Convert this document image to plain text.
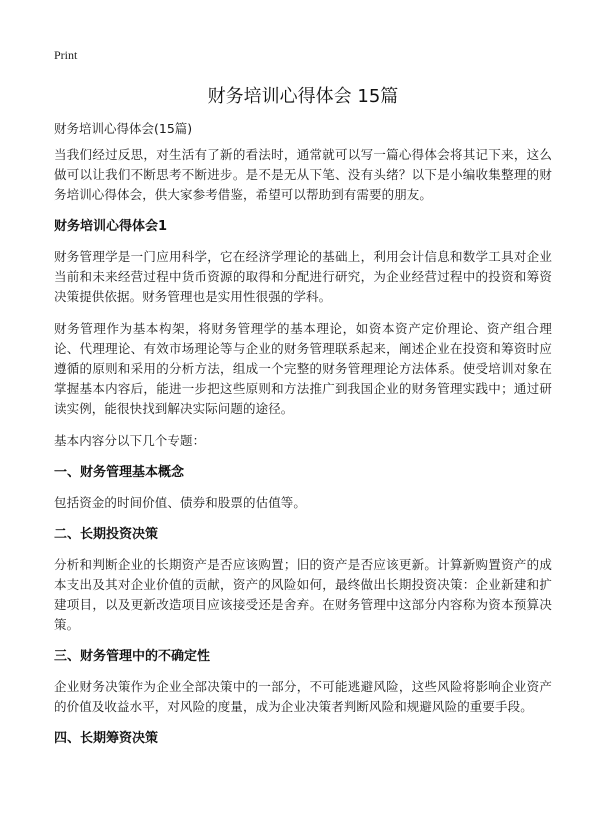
Print
财务培训心得体会 15篇
财务培训心得体会(15篇)

当我们经过反思，对生活有了新的看法时，通常就可以写一篇心得体会将其记下来，这么做可以让我们不断思考不断进步。是不是无从下笔、没有头绪？以下是小编收集整理的财务培训心得体会，供大家参考借鉴，希望可以帮助到有需要的朋友。

财务培训心得体会1

财务管理学是一门应用科学，它在经济学理论的基础上，利用会计信息和数学工具对企业当前和未来经营过程中货币资源的取得和分配进行研究，为企业经营过程中的投资和筹资决策提供依据。财务管理也是实用性很强的学科。

财务管理作为基本构架，将财务管理学的基本理论，如资本资产定价理论、资产组合理论、代理理论、有效市场理论等与企业的财务管理联系起来，阐述企业在投资和筹资时应遵循的原则和采用的分析方法，组成一个完整的财务管理理论方法体系。使受培训对象在掌握基本内容后，能进一步把这些原则和方法推广到我国企业的财务管理实践中；通过研读实例，能很快找到解决实际问题的途径。

基本内容分以下几个专题：

一、财务管理基本概念

包括资金的时间价值、债券和股票的估值等。

二、长期投资决策

分析和判断企业的长期资产是否应该购置；旧的资产是否应该更新。计算新购置资产的成本支出及其对企业价值的贡献，资产的风险如何，最终做出长期投资决策：企业新建和扩建项目，以及更新改造项目应该接受还是舍弃。在财务管理中这部分内容称为资本预算决策。

三、财务管理中的不确定性

企业财务决策作为企业全部决策中的一部分，不可能逃避风险，这些风险将影响企业资产的价值及收益水平，对风险的度量，成为企业决策者判断风险和规避风险的重要手段。

四、长期筹资决策
